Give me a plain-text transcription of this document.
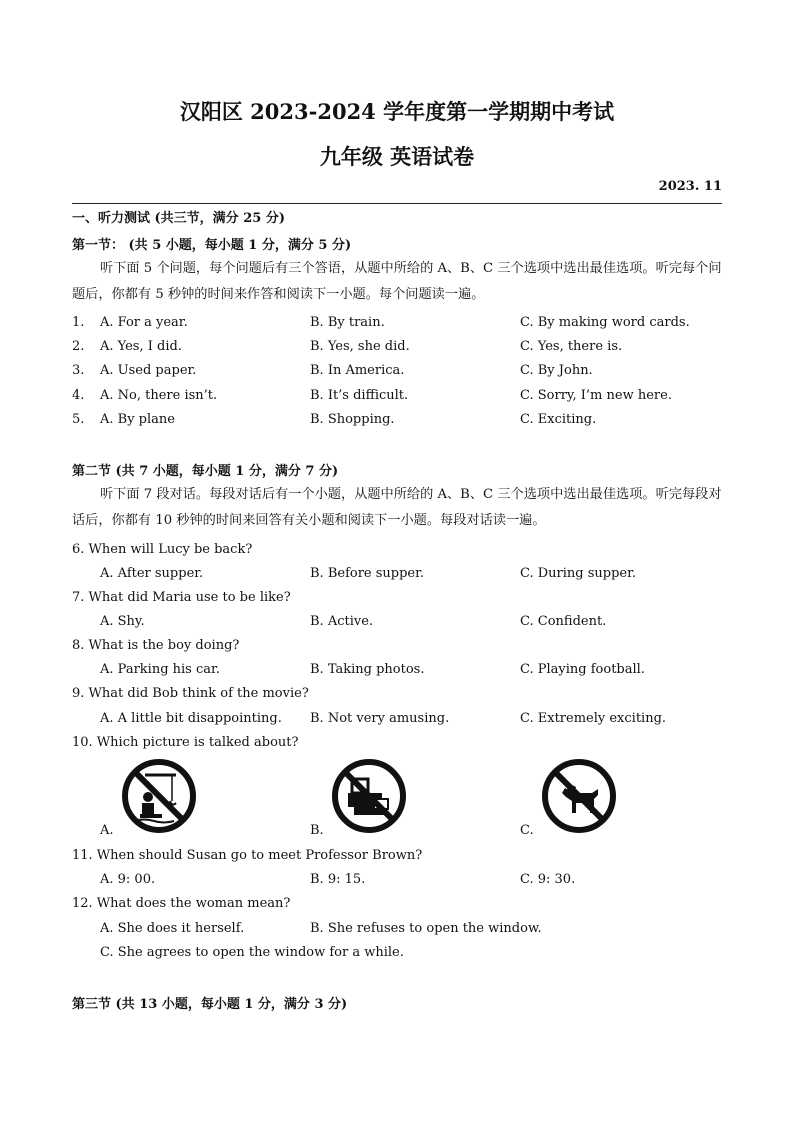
汉阳区 2023-2024 学年度第一学期期中考试
九年级 英语试卷
2023. 11
一、听力测试 (共三节，满分 25 分)
第一节： (共 5 小题，每小题 1 分，满分 5 分)
听下面 5 个问题，每个问题后有三个答语，从题中所给的 A、B、C 三个选项中选出最佳选项。听完每个问题后，你都有 5 秒钟的时间来作答和阅读下一小题。每个问题读一遍。
1. A. For a year.	B. By train.	C. By making word cards.
2. A. Yes, I did.	B. Yes, she did.	C. Yes, there is.
3. A. Used paper.	B. In America.	C. By John.
4. A. No, there isn’t.	B. It’s difficult.	C. Sorry, I’m new here.
5. A. By plane	B. Shopping.	C. Exciting.
第二节 (共 7 小题，每小题 1 分，满分 7 分)
听下面 7 段对话。每段对话后有一个小题，从题中所给的 A、B、C 三个选项中选出最佳选项。听完每段对话后，你都有 10 秒钟的时间来回答有关小题和阅读下一小题。每段对话读一遍。
6. When will Lucy be back?
A. After supper.	B. Before supper.	C. During supper.
7. What did Maria use to be like?
A. Shy.	B. Active.	C. Confident.
8. What is the boy doing?
A. Parking his car.	B. Taking photos.	C. Playing football.
9. What did Bob think of the movie?
A. A little bit disappointing. B. Not very amusing.	C. Extremely exciting.
10. Which picture is talked about?
A.	B.	C.
11. When should Susan go to meet Professor Brown?
A. 9: 00.	B. 9: 15.	C. 9: 30.
12. What does the woman mean?
A. She does it herself.	B. She refuses to open the window.
C. She agrees to open the window for a while.
第三节 (共 13 小题，每小题 1 分，满分 3 分)
